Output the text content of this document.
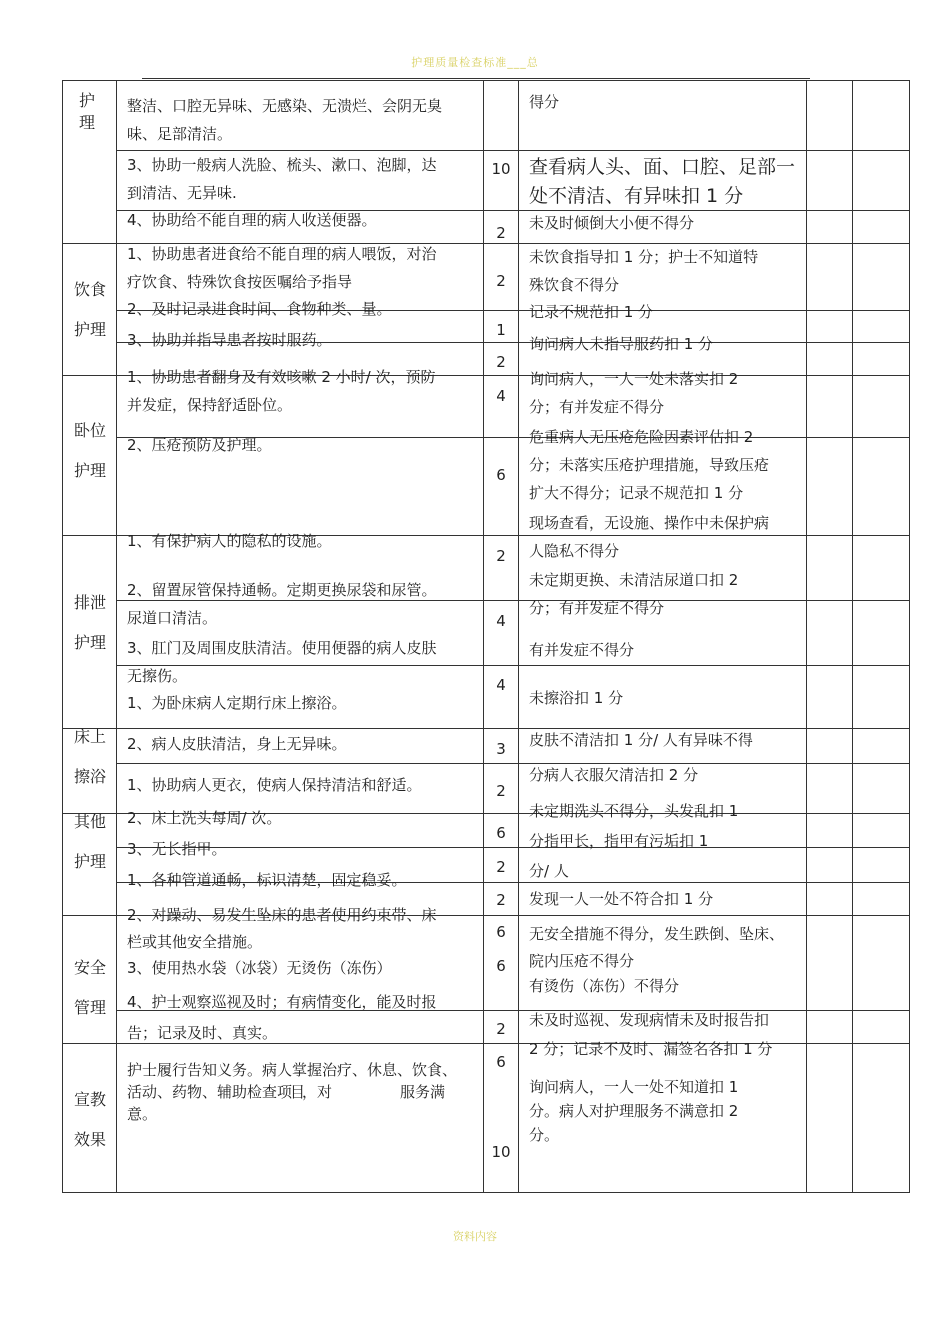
护理质量检查标准___总
护
理
饮食
护理
卧位
护理
排泄
护理
床上
擦浴
其他
护理
安全
管理
宣教
效果
整洁、口腔无异味、无感染、无溃烂、会阴无臭
味、足部清洁。
3、协助一般病人洗脸、梳头、漱口、泡脚，达
到清洁、无异味.
4、协助给不能自理的病人收送便器。
1、协助患者进食给不能自理的病人喂饭，对治
疗饮食、特殊饮食按医嘱给予指导
2、及时记录进食时间、食物种类、量。
3、协助并指导患者按时服药。
1、协助患者翻身及有效咳嗽 2 小时/ 次，预防
并发症，保持舒适卧位。
2、压疮预防及护理。
1、有保护病人的隐私的设施。
2、留置尿管保持通畅。定期更换尿袋和尿管。
尿道口清洁。
3、肛门及周围皮肤清洁。使用便器的病人皮肤
无擦伤。
1、为卧床病人定期行床上擦浴。
2、病人皮肤清洁，身上无异味。
1、协助病人更衣，使病人保持清洁和舒适。
2、床上洗头每周/ 次。
3、无长指甲。
1、各种管道通畅，标识清楚，固定稳妥。
2、对躁动、易发生坠床的患者使用约束带、床
栏或其他安全措施。
3、使用热水袋（冰袋）无烫伤（冻伤）
4、护士观察巡视及时；有病情变化，能及时报
告；记录及时、真实。
护士履行告知义务。病人掌握治疗、休息、饮食、
活动、药物、辅助检查项
目
，对	服务满
意。
10
2
2
1
2
4
6
2
4
4
3
2
6
2
2
6
6
2
6
10
得分
查看病人头、面、口腔、足部一
处不清洁、有异味扣 1 分
未及时倾倒大小便不得分
未饮食指导扣 1 分；护士不知道特
殊饮食不得分
记录不规范扣 1 分
询问病人未指导服药扣 1 分
询问病人，一人一处未落实扣 2
分；有并发症不得分
危重病人无压疮危险因素评估扣 2
分；未落实压疮护理措施，导致压疮
扩大不得分；记录不规范扣 1 分
现场查看，无设施、操作中未保护病
人隐私不得分
未定期更换、未清洁尿道口扣 2
分；有并发症不得分
有并发症不得分
未擦浴扣 1 分
皮肤不清洁扣 1 分/ 人有异味不得
分病人衣服欠清洁扣 2 分
未定期洗头不得分，头发乱扣 1
分指甲长，指甲有污垢扣 1
分/ 人
发现一人一处不符合扣 1 分
无安全措施不得分，发生跌倒、坠床、
院内压疮不得分
有烫伤（冻伤）不得分
未及时巡视、发现病情未及时报告扣
2 分；记录不及时、漏签名各扣 1 分
询问病人，一人一处不知道扣 1
分。病人对护理服务不满意扣 2
分。
资料内容
